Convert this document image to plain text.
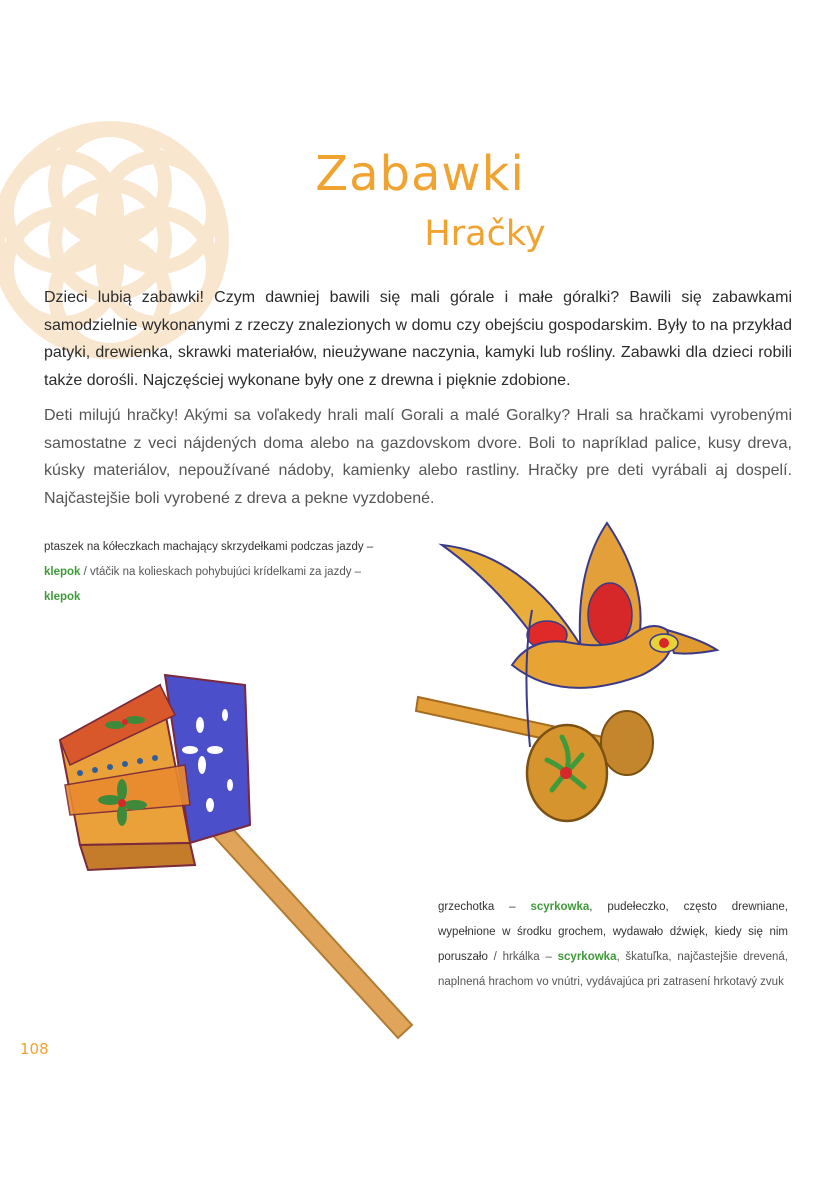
Zabawki
Hračky

Dzieci lubią zabawki! Czym dawniej bawili się mali górale i małe góralki? Bawili się zabawkami samodzielnie wykonanymi z rzeczy znalezionych w domu czy obejściu gospodarskim. Były to na przykład patyki, drewienka, skrawki materiałów, nieużywane naczynia, kamyki lub rośliny. Zabawki dla dzieci robili także dorośli. Najczęściej wykonane były one z drewna i pięknie zdobione.

Deti milujú hračky! Akými sa voľakedy hrali malí Gorali a malé Goralky? Hrali sa hračkami vyrobenými samostatne z veci nájdených doma alebo na gazdovskom dvore. Boli to napríklad palice, kusy dreva, kúsky materiálov, nepoužívané nádoby, kamienky alebo rastliny. Hračky pre deti vyrábali aj dospelí. Najčastejšie boli vyrobené z dreva a pekne vyzdobené.

ptaszek na kółeczkach machający skrzydełkami podczas jazdy – klepok / vtáčik na kolieskach pohybujúci krídelkami za jazdy – klepok

grzechotka – scyrkowka, pudełeczko, często drewniane, wypełnione w środku grochem, wydawało dźwięk, kiedy się nim poruszało / hrkálka – scyrkowka, škatuľka, najčastejšie drevená, naplnená hrachom vo vnútri, vydávajúca pri zatrasení hrkotavý zvuk

108
